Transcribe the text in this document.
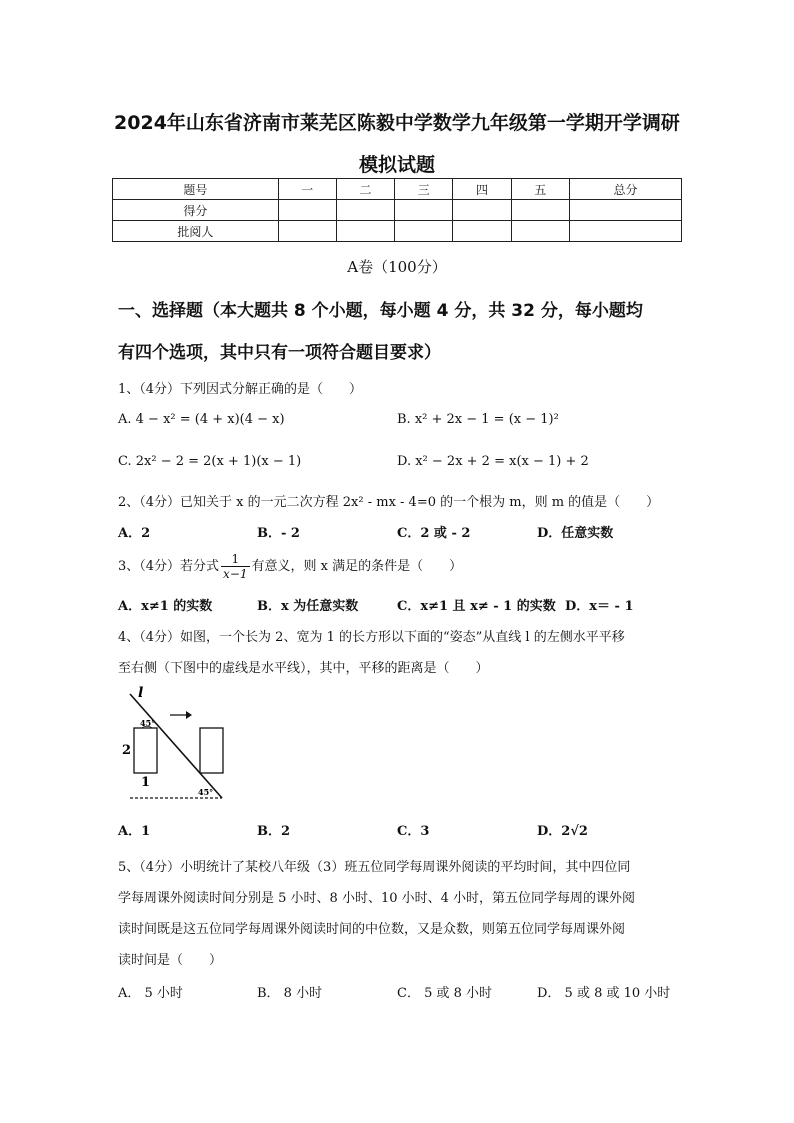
2024年山东省济南市莱芜区陈毅中学数学九年级第一学期开学调研
模拟试题
题号	一	二	三	四	五	总分
得分						
批阅人						
A卷（100分）
一、选择题（本大题共 8 个小题，每小题 4 分，共 32 分，每小题均
有四个选项，其中只有一项符合题目要求）
1、（4分）下列因式分解正确的是（　　）
A. 4 − x² = (4 + x)(4 − x)	B. x² + 2x − 1 = (x − 1)²
C. 2x² − 2 = 2(x + 1)(x − 1)	D. x² − 2x + 2 = x(x − 1) + 2
2、（4分）已知关于 x 的一元二次方程 2x² - mx - 4=0 的一个根为 m，则 m 的值是（　　）
A．2	B．- 2	C．2 或 - 2	D．任意实数
3、（4分）若分式 $\frac{1}{x-1}$ 有意义，则 x 满足的条件是（　　）
A．x≠1 的实数	B．x 为任意实数	C．x≠1 且 x≠ - 1 的实数 D．x＝ - 1
4、（4分）如图，一个长为 2、宽为 1 的长方形以下面的“姿态”从直线 l 的左侧水平平移
至右侧（下图中的虚线是水平线），其中，平移的距离是（　　）
l
45°
45°
2
1
A．1	B．2	C．3	D．2√2
5、（4分）小明统计了某校八年级（3）班五位同学每周课外阅读的平均时间，其中四位同
学每周课外阅读时间分别是 5 小时、8 小时、10 小时、4 小时，第五位同学每周的课外阅
读时间既是这五位同学每周课外阅读时间的中位数，又是众数，则第五位同学每周课外阅
读时间是（　　）
A． 5 小时	B． 8 小时	C． 5 或 8 小时	D． 5 或 8 或 10 小时
